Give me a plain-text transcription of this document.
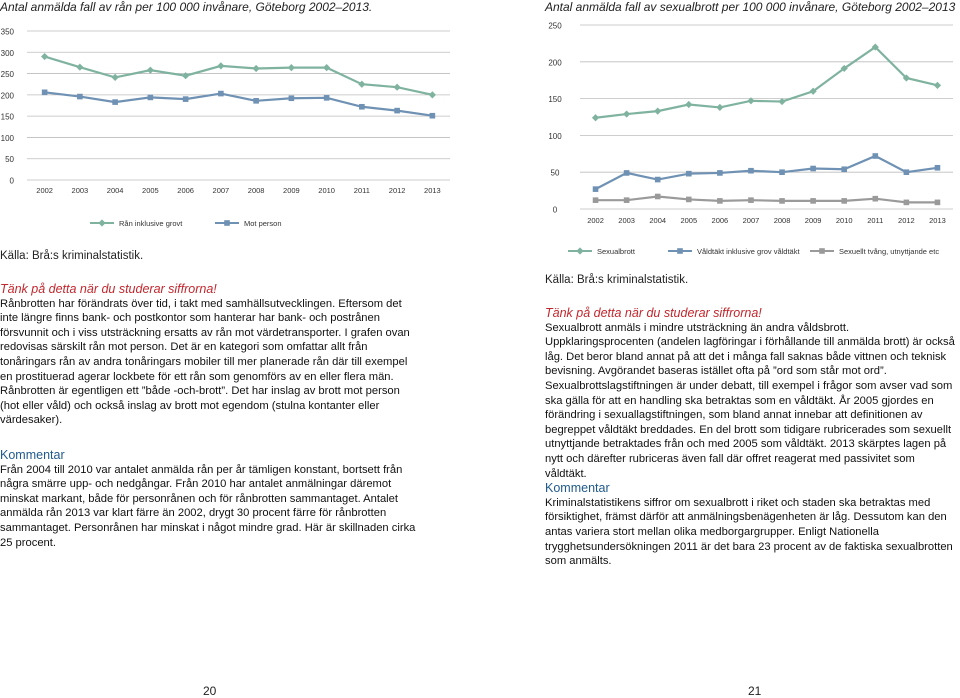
Antal anmälda fall av rån per 100 000 invånare, Göteborg 2002–2013.
0
50
100
150
200
250
300
350
2002 2003 2004 2005 2006 2007 2008 2009 2010	2011	2012 2013
Rån inklusive grovt	Mot person
Antal anmälda fall av sexualbrott per 100 000 invånare, Göteborg 2002–2013
0
50
100
150
200
250
2002 2003 2004 2005 2006 2007 2008 2009 2010 2011 2012 2013
Sexualbrott	Våldtäkt inklusive grov våldtäkt	Sexuellt tvång, utnyttjande etc
Källa: Brå:s kriminalstatistik.

Tänk på detta när du studerar siffrorna!

Rånbrotten har förändrats över tid, i takt med samhällsutvecklingen. Eftersom det inte längre finns bank- och postkontor som hanterar har bank- och postrånen försvunnit och i viss utsträckning ersatts av rån mot värdetransporter. I grafen ovan redovisas särskilt rån mot person. Det är en kategori som omfattar allt från tonåringars rån av andra tonåringars mobiler till mer planerade rån där till exempel en prostituerad agerar lockbete för ett rån som genomförs av en eller flera män. Rånbrotten är egentligen ett ”både -och-brott”. Det har inslag av brott mot person (hot eller våld) och också inslag av brott mot egendom (stulna kontanter eller värdesaker).

Kommentar

Från 2004 till 2010 var antalet anmälda rån per år tämligen konstant, bortsett från några smärre upp- och nedgångar. Från 2010 har antalet anmälningar däremot minskat markant, både för personrånen och för rånbrotten sammantaget. Antalet anmälda rån 2013 var klart färre än 2002, drygt 30 procent färre för rånbrotten sammantaget. Personrånen har minskat i något mindre grad. Här är skillnaden cirka 25 procent.

Källa: Brå:s kriminalstatistik.

Tänk på detta när du studerar siffrorna!

Sexualbrott anmäls i mindre utsträckning än andra våldsbrott. Uppklaringsprocenten (andelen lagföringar i förhållande till anmälda brott) är också låg. Det beror bland annat på att det i många fall saknas både vittnen och teknisk bevisning. Avgörandet baseras istället ofta på ”ord som står mot ord”. Sexualbrottslagstiftningen är under debatt, till exempel i frågor som avser vad som ska gälla för att en handling ska betraktas som en våldtäkt. År 2005 gjordes en förändring i sexuallagstiftningen, som bland annat innebar att definitionen av begreppet våldtäkt breddades. En del brott som tidigare rubricerades som sexuellt utnyttjande betraktades från och med 2005 som våldtäkt. 2013 skärptes lagen på nytt och därefter rubriceras även fall där offret reagerat med passivitet som våldtäkt.

Kommentar

Kriminalstatistikens siffror om sexualbrott i riket och staden ska betraktas med försiktighet, främst därför att anmälningsbenägenheten är låg. Dessutom kan den antas variera stort mellan olika medborgargrupper. Enligt Nationella trygghetsundersökningen 2011 är det bara 23 procent av de faktiska sexualbrotten som anmälts.

20	21
